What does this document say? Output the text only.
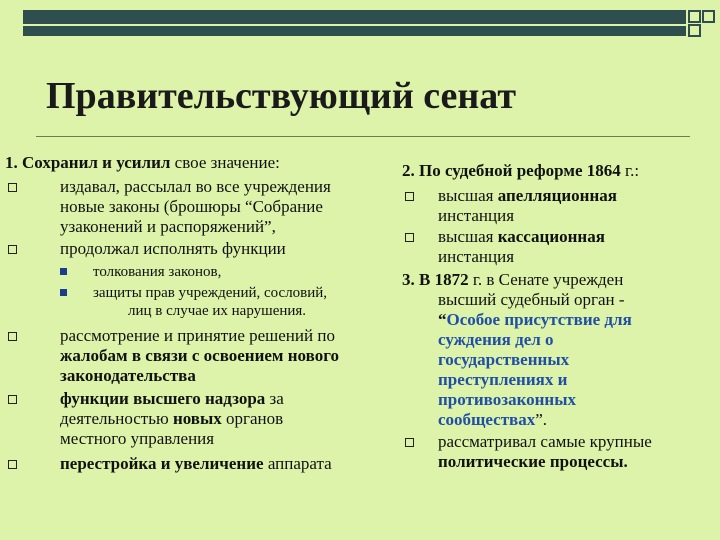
Правительствующий сенат
1. Сохранил и усилил свое значение:
издавал, рассылал во все учреждения
новые законы (брошюры “Собрание
узаконений и распоряжений”,
продолжал исполнять функции
толкования законов,
защиты прав учреждений, сословий,
лиц в случае их нарушения.
рассмотрение и принятие решений по
жалобам в связи с освоением нового
законодательства
функции высшего надзора за
деятельностью новых органов
местного управления
перестройка и увеличение аппарата
2. По судебной реформе 1864 г.:
высшая апелляционная
инстанция
высшая кассационная
инстанция
3. В 1872 г. в Сенате учрежден
высший судебный орган -
“Особое присутствие для
суждения дел о
государственных
преступлениях и
противозаконных
сообществах”.
рассматривал самые крупные
политические процессы.
